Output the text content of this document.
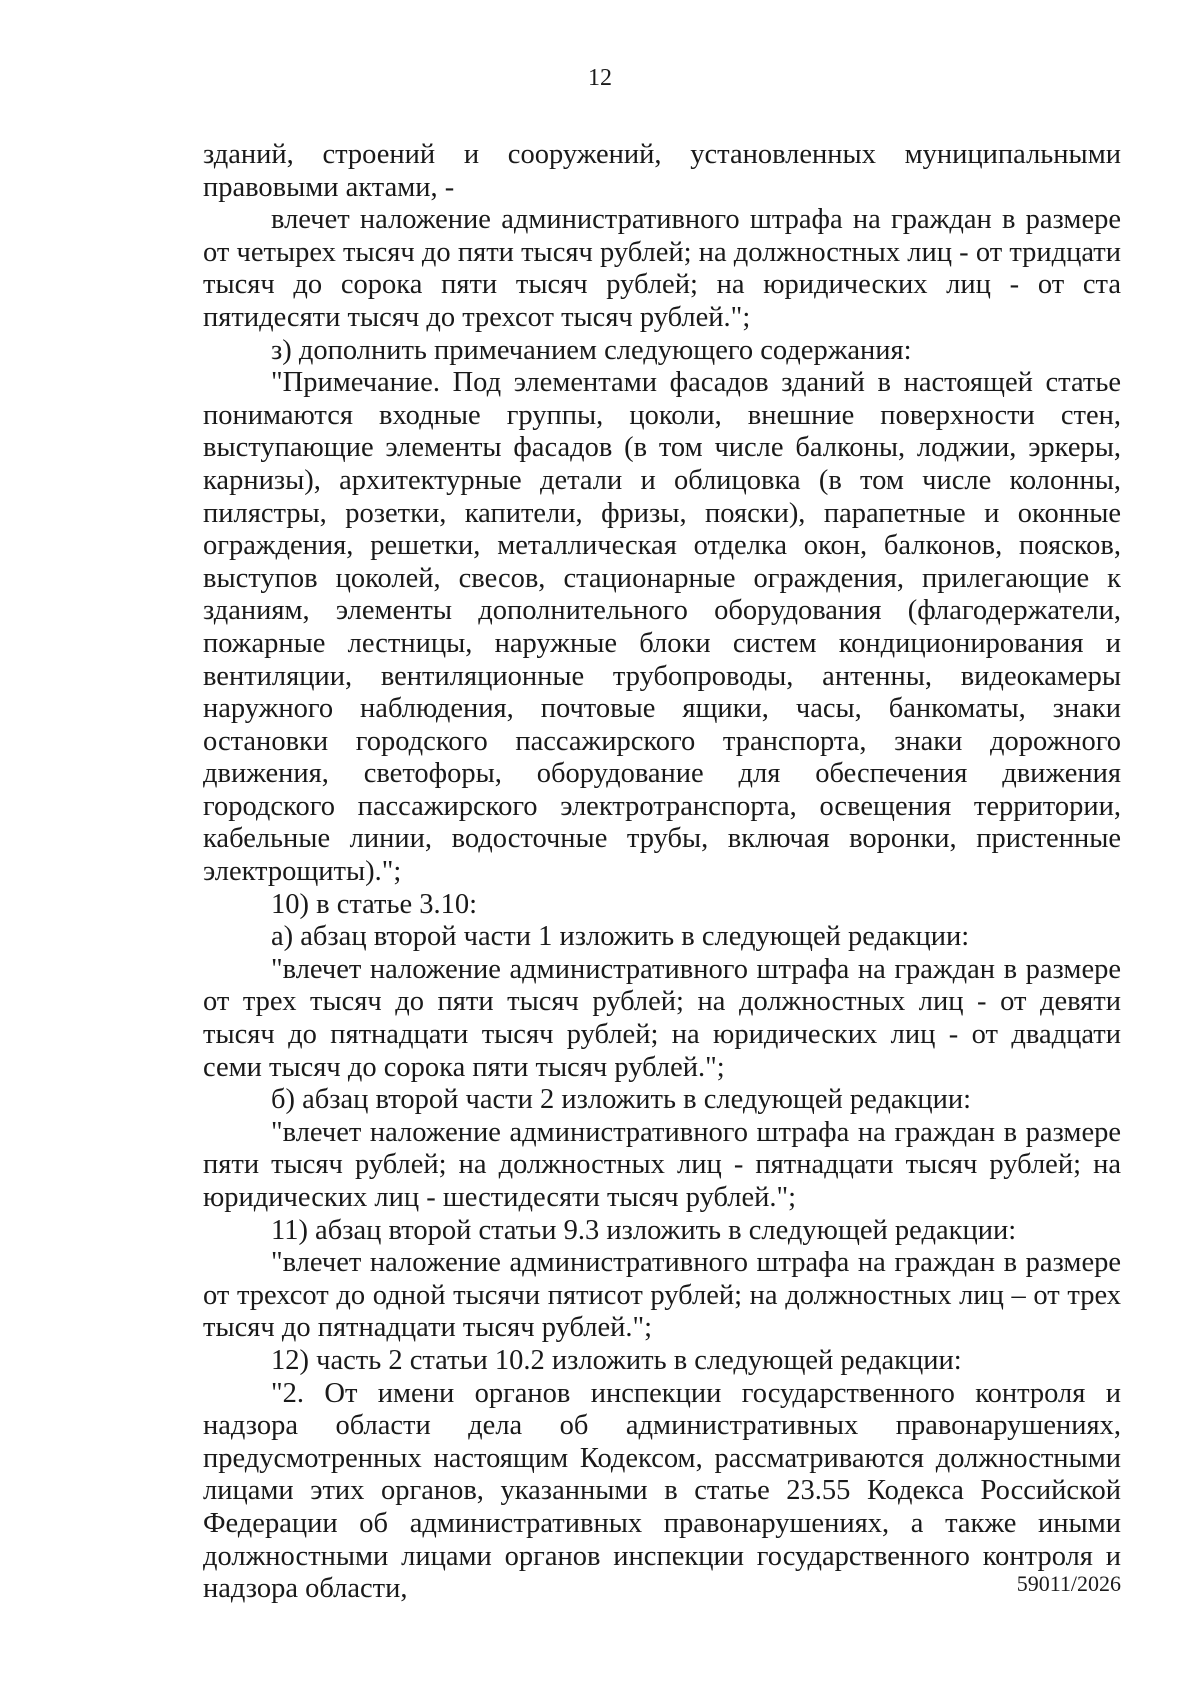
12

зданий, строений и сооружений, установленных муниципальными правовыми актами, -

влечет наложение административного штрафа на граждан в размере от четырех тысяч до пяти тысяч рублей; на должностных лиц - от тридцати тысяч до сорока пяти тысяч рублей; на юридических лиц - от ста пятидесяти тысяч до трехсот тысяч рублей.";

з) дополнить примечанием следующего содержания:

"Примечание. Под элементами фасадов зданий в настоящей статье понимаются входные группы, цоколи, внешние поверхности стен, выступающие элементы фасадов (в том числе балконы, лоджии, эркеры, карнизы), архитектурные детали и облицовка (в том числе колонны, пилястры, розетки, капители, фризы, пояски), парапетные и оконные ограждения, решетки, металлическая отделка окон, балконов, поясков, выступов цоколей, свесов, стационарные ограждения, прилегающие к зданиям, элементы дополнительного оборудования (флагодержатели, пожарные лестницы, наружные блоки систем кондиционирования и вентиляции, вентиляционные трубопроводы, антенны, видеокамеры наружного наблюдения, почтовые ящики, часы, банкоматы, знаки остановки городского пассажирского транспорта, знаки дорожного движения, светофоры, оборудование для обеспечения движения городского пассажирского электротранспорта, освещения территории, кабельные линии, водосточные трубы, включая воронки, пристенные электрощиты).";

10) в статье 3.10:

а) абзац второй части 1 изложить в следующей редакции:

"влечет наложение административного штрафа на граждан в размере от трех тысяч до пяти тысяч рублей; на должностных лиц - от девяти тысяч до пятнадцати тысяч рублей; на юридических лиц - от двадцати семи тысяч до сорока пяти тысяч рублей.";

б) абзац второй части 2 изложить в следующей редакции:

"влечет наложение административного штрафа на граждан в размере пяти тысяч рублей; на должностных лиц - пятнадцати тысяч рублей; на юридических лиц - шестидесяти тысяч рублей.";

11) абзац второй статьи 9.3 изложить в следующей редакции:

"влечет наложение административного штрафа на граждан в размере от трехсот до одной тысячи пятисот рублей; на должностных лиц – от трех тысяч до пятнадцати тысяч рублей.";

12) часть 2 статьи 10.2 изложить в следующей редакции:

"2. От имени органов инспекции государственного контроля и надзора области дела об административных правонарушениях, предусмотренных настоящим Кодексом, рассматриваются должностными лицами этих органов, указанными в статье 23.55 Кодекса Российской Федерации об административных правонарушениях, а также иными должностными лицами органов инспекции государственного контроля и надзора области,	59011/2026
